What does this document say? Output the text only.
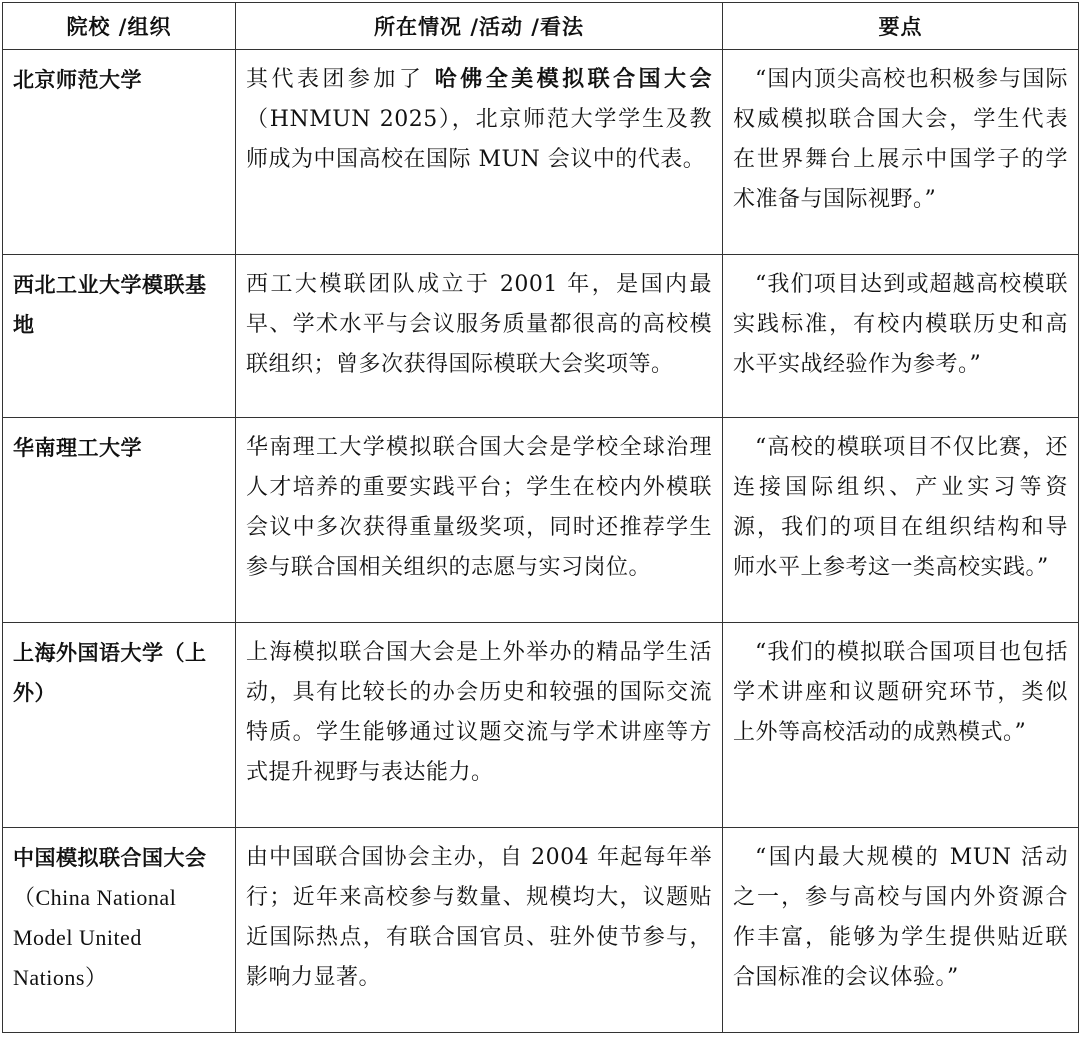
院校 /组织	所在情况 /活动 /看法	要点

北京师范大学	其代表团参加了 哈佛全美模拟联合国大会（HNMUN 2025），北京师范大学学生及教师成为中国高校在国际 MUN 会议中的代表。	“国内顶尖高校也积极参与国际权威模拟联合国大会，学生代表在世界舞台上展示中国学子的学术准备与国际视野。”

西北工业大学模联基地	西工大模联团队成立于 2001 年，是国内最早、学术水平与会议服务质量都很高的高校模联组织；曾多次获得国际模联大会奖项等。	“我们项目达到或超越高校模联实践标准，有校内模联历史和高水平实战经验作为参考。”

华南理工大学	华南理工大学模拟联合国大会是学校全球治理人才培养的重要实践平台；学生在校内外模联会议中多次获得重量级奖项，同时还推荐学生参与联合国相关组织的志愿与实习岗位。	“高校的模联项目不仅比赛，还连接国际组织、产业实习等资源，我们的项目在组织结构和导师水平上参考这一类高校实践。”

上海外国语大学（上外）	上海模拟联合国大会是上外举办的精品学生活动，具有比较长的办会历史和较强的国际交流特质。学生能够通过议题交流与学术讲座等方式提升视野与表达能力。	“我们的模拟联合国项目也包括学术讲座和议题研究环节，类似上外等高校活动的成熟模式。”

中国模拟联合国大会（China National Model United Nations）	由中国联合国协会主办，自 2004 年起每年举行；近年来高校参与数量、规模均大，议题贴近国际热点，有联合国官员、驻外使节参与，影响力显著。	“国内最大规模的 MUN 活动之一，参与高校与国内外资源合作丰富，能够为学生提供贴近联合国标准的会议体验。”
